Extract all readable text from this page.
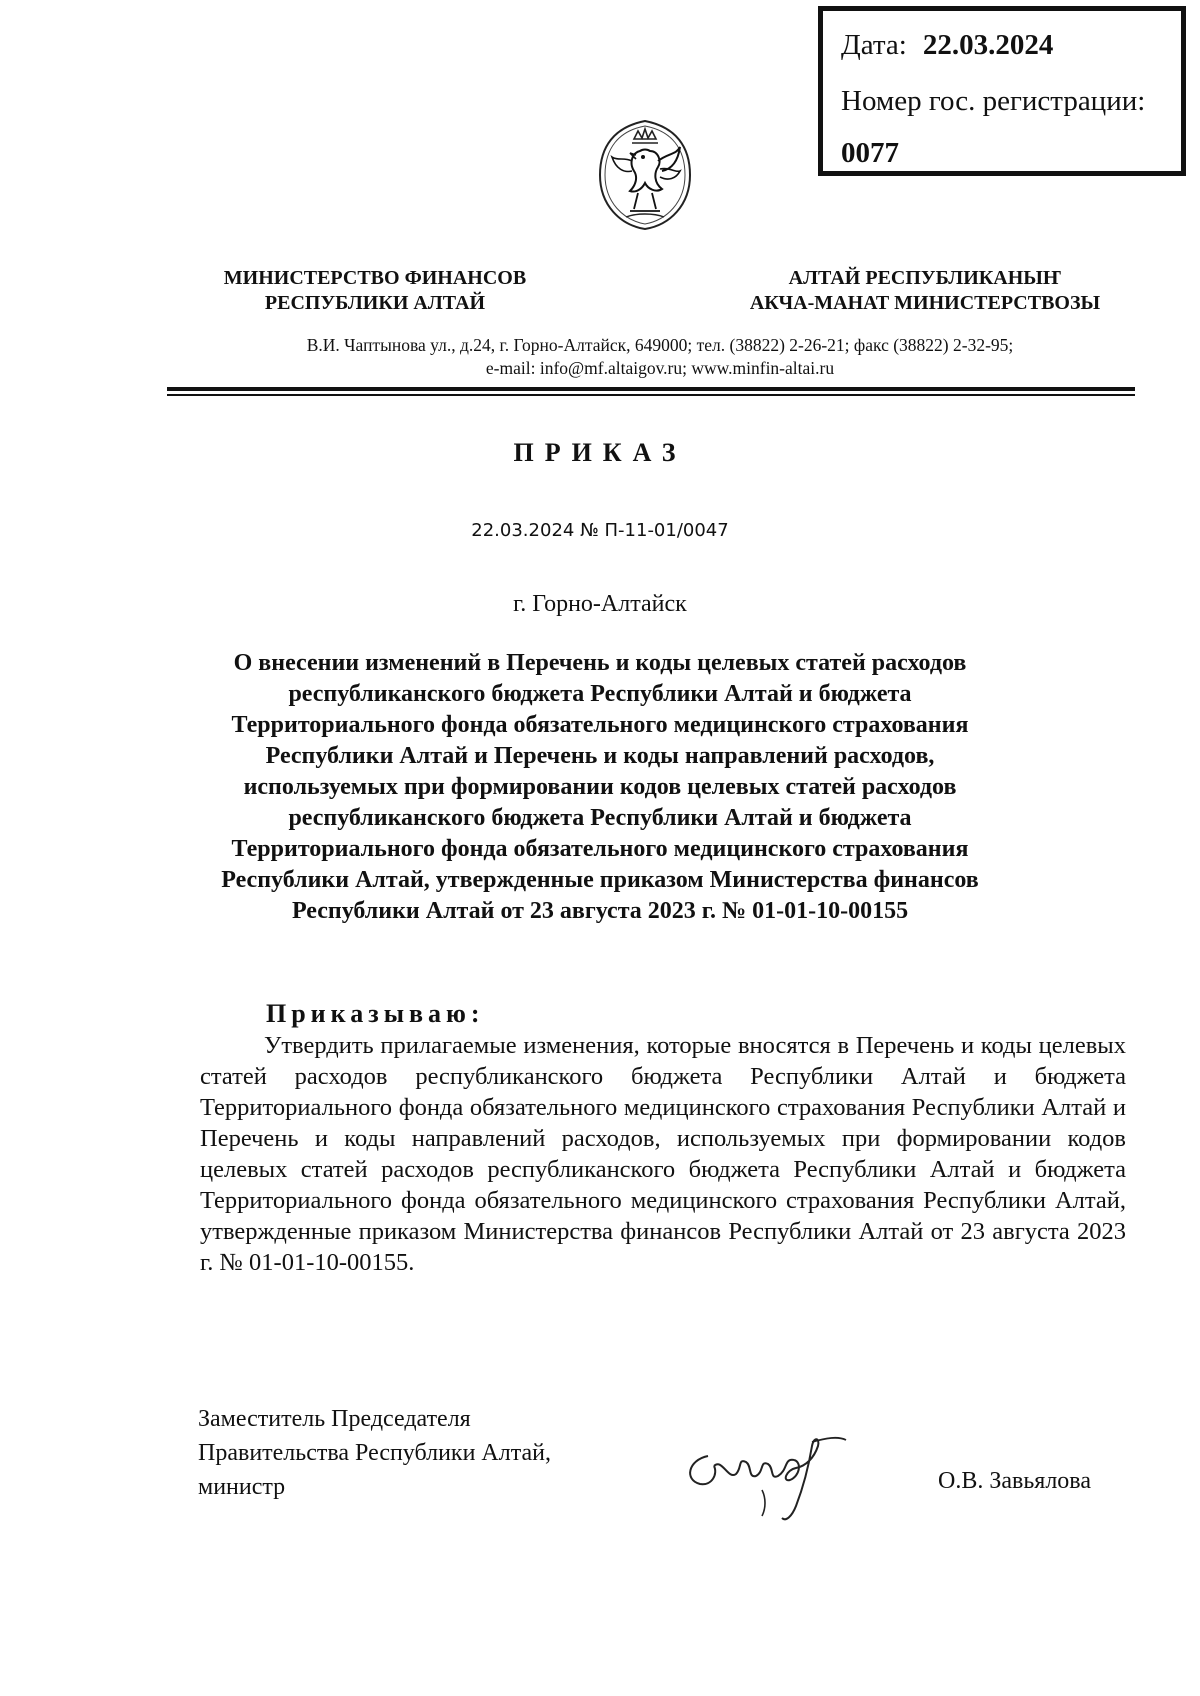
Дата: 22.03.2024
Номер гос. регистрации:
0077
МИНИСТЕРСТВО ФИНАНСОВ
РЕСПУБЛИКИ АЛТАЙ
АЛТАЙ РЕСПУБЛИКАНЫҤ
АКЧА-МАНАТ МИНИСТЕРСТВОЗЫ
В.И. Чаптынова ул., д.24, г. Горно-Алтайск, 649000; тел. (38822) 2-26-21; факс (38822) 2-32-95;
e-mail: info@mf.altaigov.ru; www.minfin-altai.ru
ПРИКАЗ
22.03.2024 № П-11-01/0047
г. Горно-Алтайск
О внесении изменений в Перечень и коды целевых статей расходов республиканского бюджета Республики Алтай и бюджета Территориального фонда обязательного медицинского страхования Республики Алтай и Перечень и коды направлений расходов, используемых при формировании кодов целевых статей расходов республиканского бюджета Республики Алтай и бюджета Территориального фонда обязательного медицинского страхования Республики Алтай, утвержденные приказом Министерства финансов Республики Алтай от 23 августа 2023 г. № 01-01-10-00155
Приказываю:
Утвердить прилагаемые изменения, которые вносятся в Перечень и коды целевых статей расходов республиканского бюджета Республики Алтай и бюджета Территориального фонда обязательного медицинского страхования Республики Алтай и Перечень и коды направлений расходов, используемых при формировании кодов целевых статей расходов республиканского бюджета Республики Алтай и бюджета Территориального фонда обязательного медицинского страхования Республики Алтай, утвержденные приказом Министерства финансов Республики Алтай от 23 августа 2023 г. № 01-01-10-00155.
Заместитель Председателя
Правительства Республики Алтай,
министр	О.В. Завьялова
